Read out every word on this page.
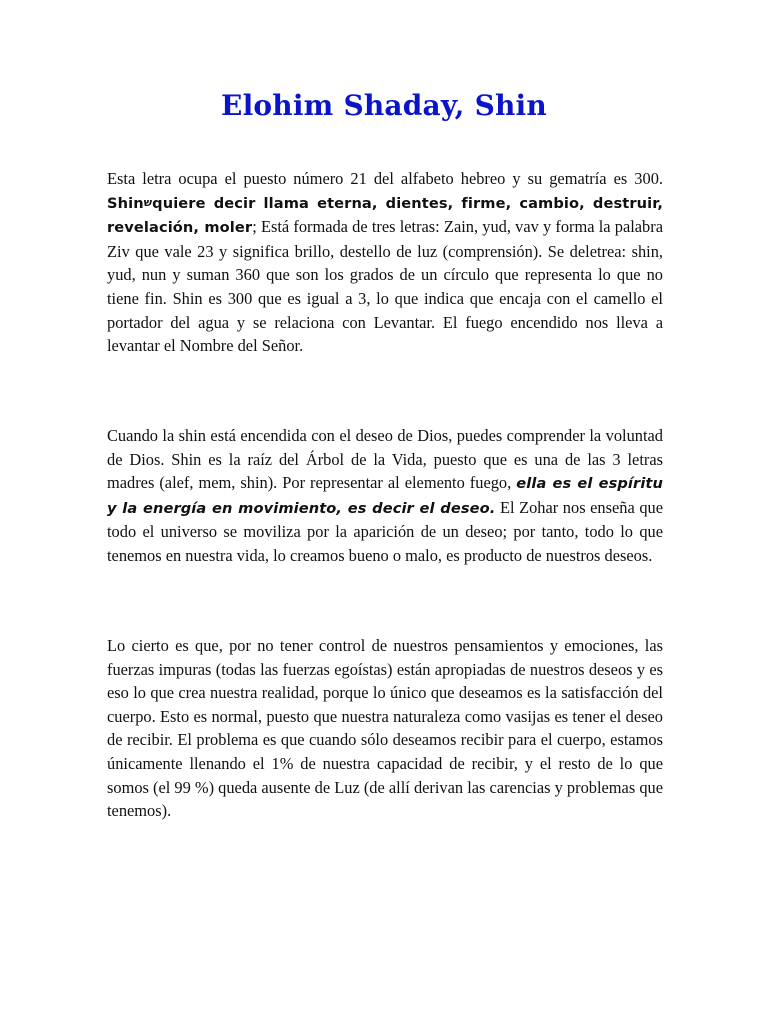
Elohim Shaday, Shin

Esta letra ocupa el puesto número 21 del alfabeto hebreo y su gematría es 300. Shinשquiere decir llama eterna, dientes, firme, cambio, destruir, revelación, moler; Está formada de tres letras: Zain, yud, vav y forma la palabra Ziv que vale 23 y significa brillo, destello de luz (comprensión). Se deletrea: shin, yud, nun y suman 360 que son los grados de un círculo que representa lo que no tiene fin. Shin es 300 que es igual a 3, lo que indica que encaja con el camello el portador del agua y se relaciona con Levantar. El fuego encendido nos lleva a levantar el Nombre del Señor.

Cuando la shin está encendida con el deseo de Dios, puedes comprender la voluntad de Dios. Shin es la raíz del Árbol de la Vida, puesto que es una de las 3 letras madres (alef, mem, shin). Por representar al elemento fuego, ella es el espíritu y la energía en movimiento, es decir el deseo. El Zohar nos enseña que todo el universo se moviliza por la aparición de un deseo; por tanto, todo lo que tenemos en nuestra vida, lo creamos bueno o malo, es producto de nuestros deseos.

Lo cierto es que, por no tener control de nuestros pensamientos y emociones, las fuerzas impuras (todas las fuerzas egoístas) están apropiadas de nuestros deseos y es eso lo que crea nuestra realidad, porque lo único que deseamos es la satisfacción del cuerpo. Esto es normal, puesto que nuestra naturaleza como vasijas es tener el deseo de recibir. El problema es que cuando sólo deseamos recibir para el cuerpo, estamos únicamente llenando el 1% de nuestra capacidad de recibir, y el resto de lo que somos (el 99 %) queda ausente de Luz (de allí derivan las carencias y problemas que tenemos).
